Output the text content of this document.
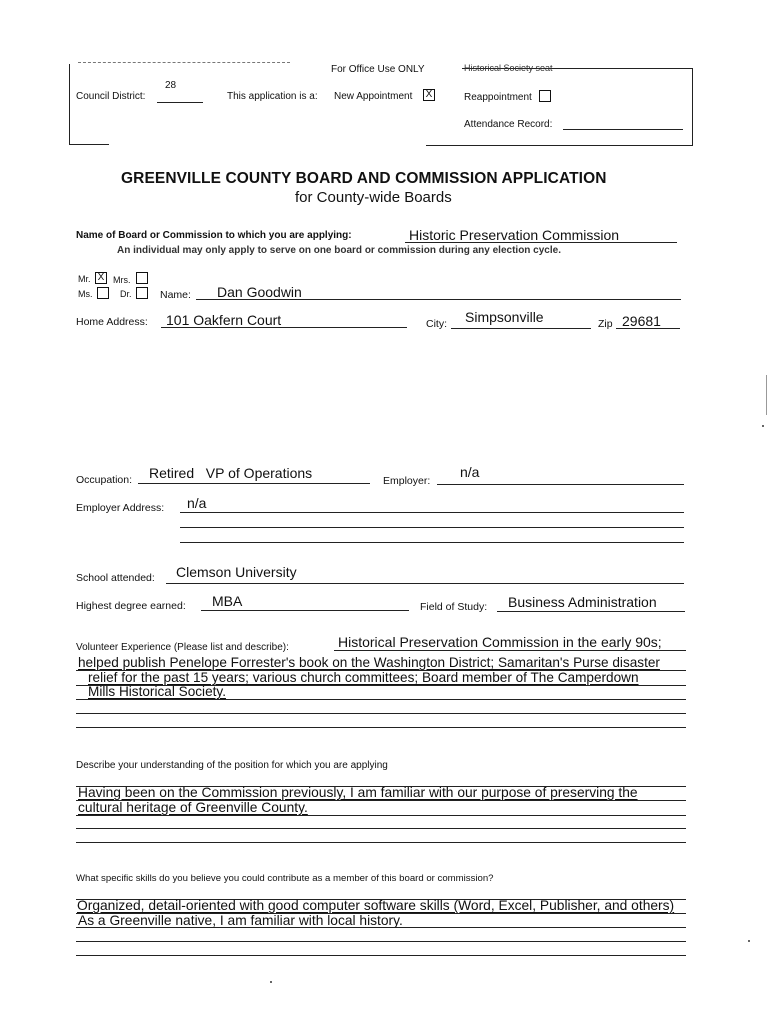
For Office Use ONLY	Historical Society seat
Council District:
28
This application is a: New Appointment X	Reappointment
Attendance Record:
GREENVILLE COUNTY BOARD AND COMMISSION APPLICATION
for County-wide Boards
Name of Board or Commission to which you are applying:	Historic Preservation Commission
An individual may only apply to serve on one board or commission during any election cycle.
Mr. X Mrs.
Ms.	Dr.	Name: Dan Goodwin
Home Address: 101 Oakfern Court	City: Simpsonville	Zip 29681
Occupation: Retired   VP of Operations	Employer:
n/a
Employer Address: n/a
School attended: Clemson University
Highest degree earned: MBA	Field of Study: Business Administration
Volunteer Experience (Please list and describe):	Historical Preservation Commission in the early 90s;
helped publish Penelope Forrester's book on the Washington District; Samaritan's Purse disaster
relief for the past 15 years; various church committees; Board member of The Camperdown
Mills Historical Society.
Describe your understanding of the position for which you are applying
Having been on the Commission previously, I am familiar with our purpose of preserving the
cultural heritage of Greenville County.
What specific skills do you believe you could contribute as a member of this board or commission?
Organized, detail-oriented with good computer software skills (Word, Excel, Publisher, and others)
As a Greenville native, I am familiar with local history.
